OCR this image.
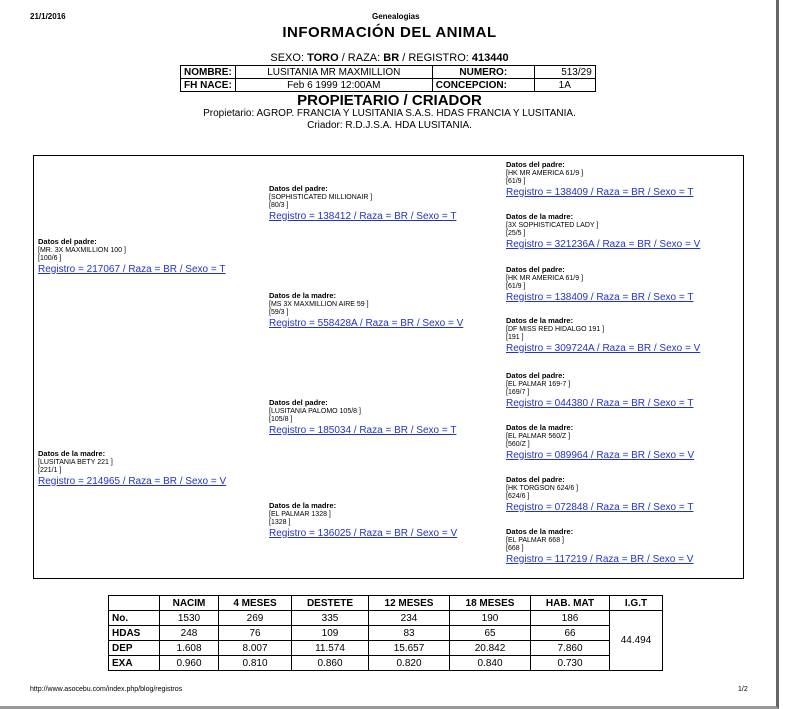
21/1/2016	Genealogias
INFORMACIÓN DEL ANIMAL
SEXO: TORO / RAZA: BR / REGISTRO: 413440
NOMBRE:	LUSITANIA MR MAXMILLION	NUMERO:	513/29
FH NACE:	Feb 6 1999 12:00AM	CONCEPCION:	1A
PROPIETARIO / CRIADOR
Propietario: AGROP. FRANCIA Y LUSITANIA S.A.S. HDAS FRANCIA Y LUSITANIA.
Criador: R.D.J.S.A. HDA LUSITANIA.
Datos del padre:
[MR. 3X MAXMILLION 100 ]
[100/6 ]
Registro = 217067 / Raza = BR / Sexo = T
Datos de la madre:
[LUSITANIA BETY 221 ]
[221/1 ]
Registro = 214965 / Raza = BR / Sexo = V
Datos del padre:
[SOPHISTICATED MILLIONAIR ]
[80/3 ]
Registro = 138412 / Raza = BR / Sexo = T
Datos de la madre:
[MS 3X MAXMILLION AIRE 59 ]
[59/3 ]
Registro = 558428A / Raza = BR / Sexo = V
Datos del padre:
[LUSITANIA PALOMO 105/8 ]
[105/8 ]
Registro = 185034 / Raza = BR / Sexo = T
Datos de la madre:
[EL PALMAR 1328 ]
[1328 ]
Registro = 136025 / Raza = BR / Sexo = V
Datos del padre:
[HK MR AMERICA 61/9 ]
[61/9 ]
Registro = 138409 / Raza = BR / Sexo = T
Datos de la madre:
[3X SOPHISTICATED LADY ]
[25/5 ]
Registro = 321236A / Raza = BR / Sexo = V
Datos del padre:
[HK MR AMERICA 61/9 ]
[61/9 ]
Registro = 138409 / Raza = BR / Sexo = T
Datos de la madre:
[DF MISS RED HIDALGO 191 ]
[191 ]
Registro = 309724A / Raza = BR / Sexo = V
Datos del padre:
[EL PALMAR 169-7 ]
[169/7 ]
Registro = 044380 / Raza = BR / Sexo = T
Datos de la madre:
[EL PALMAR 560/Z ]
[560/Z ]
Registro = 089964 / Raza = BR / Sexo = V
Datos del padre:
[HK TORGSON 624/6 ]
[624/6 ]
Registro = 072848 / Raza = BR / Sexo = T
Datos de la madre:
[EL PALMAR 668 ]
[668 ]
Registro = 117219 / Raza = BR / Sexo = V
	NACIM	4 MESES	DESTETE	12 MESES	18 MESES	HAB. MAT	I.G.T
No.	1530	269	335	234	190	186	44.494
HDAS	248	76	109	83	65	66	
DEP	1.608	8.007	11.574	15.657	20.842	7.860	
EXA	0.960	0.810	0.860	0.820	0.840	0.730	
http://www.asocebu.com/index.php/blog/registros	1/2
